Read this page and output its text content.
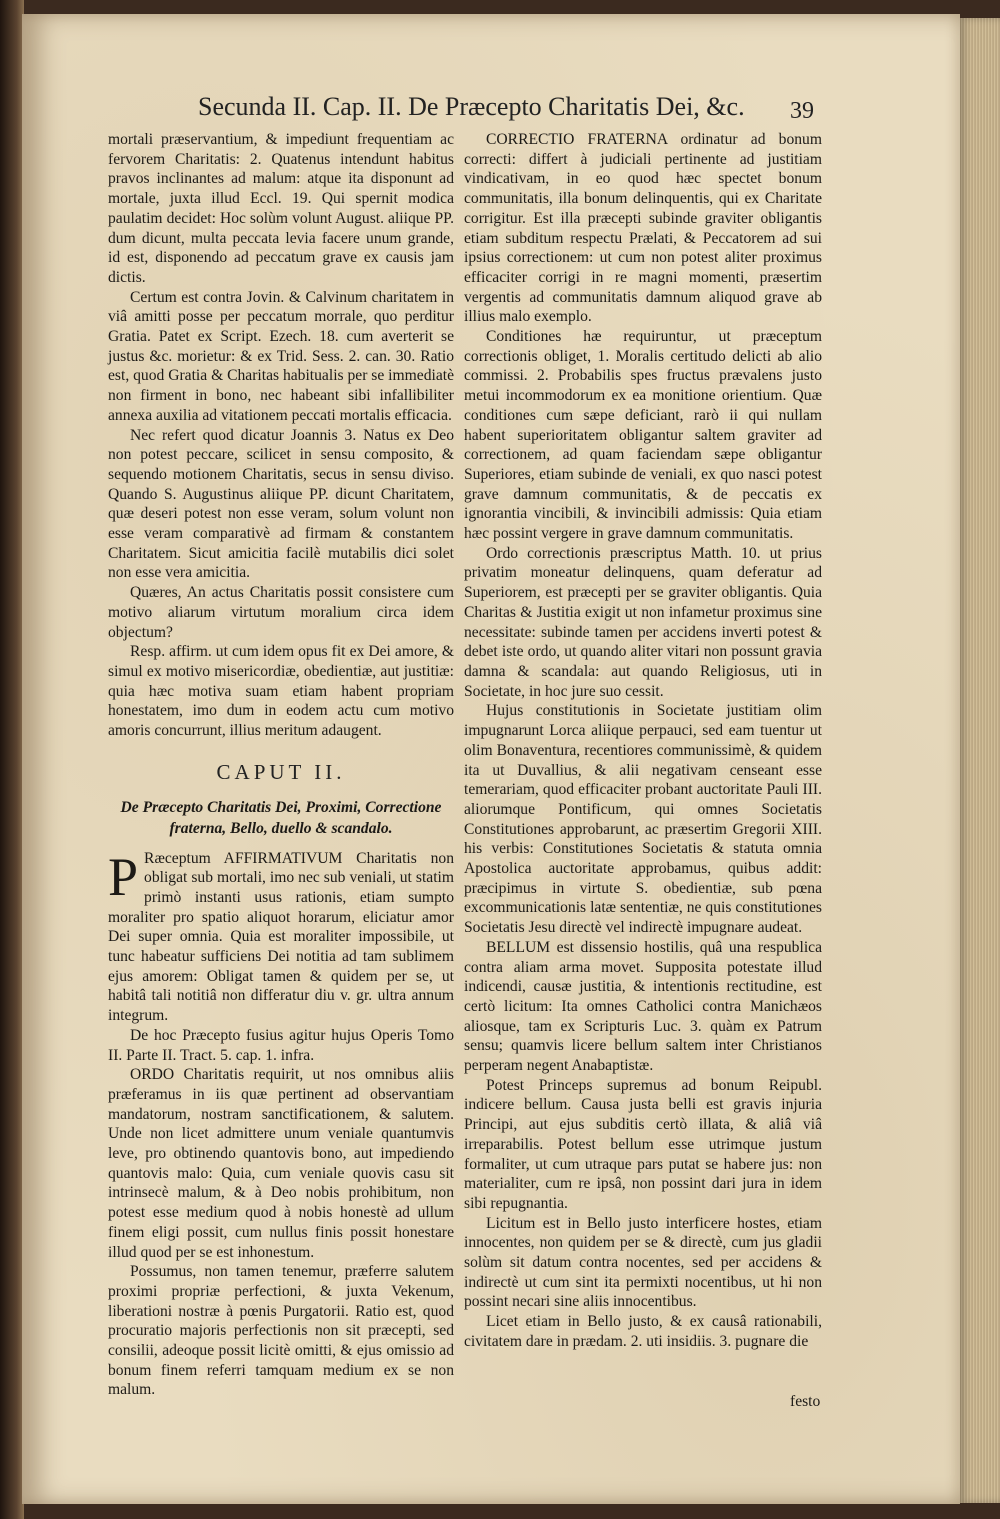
Secunda II. Cap. II. De Præcepto Charitatis Dei, &c.	39

mortali præservantium, & impediunt frequentiam ac fervorem Charitatis: 2. Quatenus intendunt habitus pravos inclinantes ad malum: atque ita disponunt ad mortale, juxta illud Eccl. 19. Qui spernit modica paulatim decidet: Hoc solùm volunt August. aliique PP. dum dicunt, multa peccata levia facere unum grande, id est, disponendo ad peccatum grave ex causis jam dictis.

Certum est contra Jovin. & Calvinum charitatem in viâ amitti posse per peccatum morrale, quo perditur Gratia. Patet ex Script. Ezech. 18. cum averterit se justus &c. morietur: & ex Trid. Sess. 2. can. 30. Ratio est, quod Gratia & Charitas habitualis per se immediatè non firment in bono, nec habeant sibi infallibiliter annexa auxilia ad vitationem peccati mortalis efficacia.

Nec refert quod dicatur Joannis 3. Natus ex Deo non potest peccare, scilicet in sensu composito, & sequendo motionem Charitatis, secus in sensu diviso. Quando S. Augustinus aliique PP. dicunt Charitatem, quæ deseri potest non esse veram, solum volunt non esse veram comparativè ad firmam & constantem Charitatem. Sicut amicitia facilè mutabilis dici solet non esse vera amicitia.

Quæres, An actus Charitatis possit consistere cum motivo aliarum virtutum moralium circa idem objectum?

Resp. affirm. ut cum idem opus fit ex Dei amore, & simul ex motivo misericordiæ, obedientiæ, aut justitiæ: quia hæc motiva suam etiam habent propriam honestatem, imo dum in eodem actu cum motivo amoris concurrunt, illius meritum adaugent.

CAPUT II.
De Præcepto Charitatis Dei, Proximi, Correctione fraterna, Bello, duello & scandalo.

P Ræceptum AFFIRMATIVUM Charitatis non obligat sub mortali, imo nec sub veniali, ut statim primò instanti usus rationis, etiam sumpto moraliter pro spatio aliquot horarum, eliciatur amor Dei super omnia. Quia est moraliter impossibile, ut tunc habeatur sufficiens Dei notitia ad tam sublimem ejus amorem: Obligat tamen & quidem per se, ut habitâ tali notitiâ non differatur diu v. gr. ultra annum integrum.

De hoc Præcepto fusius agitur hujus Operis Tomo II. Parte II. Tract. 5. cap. 1. infra.

ORDO Charitatis requirit, ut nos omnibus aliis præferamus in iis quæ pertinent ad observantiam mandatorum, nostram sanctificationem, & salutem. Unde non licet admittere unum veniale quantumvis leve, pro obtinendo quantovis bono, aut impediendo quantovis malo: Quia, cum veniale quovis casu sit intrinsecè malum, & à Deo nobis prohibitum, non potest esse medium quod à nobis honestè ad ullum finem eligi possit, cum nullus finis possit honestare illud quod per se est inhonestum.

Possumus, non tamen tenemur, præferre salutem proximi propriæ perfectioni, & juxta Vekenum, liberationi nostræ à pœnis Purgatorii. Ratio est, quod procuratio majoris perfectionis non sit præcepti, sed consilii, adeoque possit licitè omitti, & ejus omissio ad bonum finem referri tamquam medium ex se non malum.

CORRECTIO FRATERNA ordinatur ad bonum correcti: differt à judiciali pertinente ad justitiam vindicativam, in eo quod hæc spectet bonum communitatis, illa bonum delinquentis, qui ex Charitate corrigitur. Est illa præcepti subinde graviter obligantis etiam subditum respectu Prælati, & Peccatorem ad sui ipsius correctionem: ut cum non potest aliter proximus efficaciter corrigi in re magni momenti, præsertim vergentis ad communitatis damnum aliquod grave ab illius malo exemplo.

Conditiones hæ requiruntur, ut præceptum correctionis obliget, 1. Moralis certitudo delicti ab alio commissi. 2. Probabilis spes fructus prævalens justo metui incommodorum ex ea monitione orientium. Quæ conditiones cum sæpe deficiant, rarò ii qui nullam habent superioritatem obligantur saltem graviter ad correctionem, ad quam faciendam sæpe obligantur Superiores, etiam subinde de veniali, ex quo nasci potest grave damnum communitatis, & de peccatis ex ignorantia vincibili, & invincibili admissis: Quia etiam hæc possint vergere in grave damnum communitatis.

Ordo correctionis præscriptus Matth. 10. ut prius privatim moneatur delinquens, quam deferatur ad Superiorem, est præcepti per se graviter obligantis. Quia Charitas & Justitia exigit ut non infametur proximus sine necessitate: subinde tamen per accidens inverti potest & debet iste ordo, ut quando aliter vitari non possunt gravia damna & scandala: aut quando Religiosus, uti in Societate, in hoc jure suo cessit.

Hujus constitutionis in Societate justitiam olim impugnarunt Lorca aliique perpauci, sed eam tuentur ut olim Bonaventura, recentiores communissimè, & quidem ita ut Duvallius, & alii negativam censeant esse temerariam, quod efficaciter probant auctoritate Pauli III. aliorumque Pontificum, qui omnes Societatis Constitutiones approbarunt, ac præsertim Gregorii XIII. his verbis: Constitutiones Societatis & statuta omnia Apostolica auctoritate approbamus, quibus addit: præcipimus in virtute S. obedientiæ, sub pœna excommunicationis latæ sententiæ, ne quis constitutiones Societatis Jesu directè vel indirectè impugnare audeat.

BELLUM est dissensio hostilis, quâ una respublica contra aliam arma movet. Supposita potestate illud indicendi, causæ justitia, & intentionis rectitudine, est certò licitum: Ita omnes Catholici contra Manichæos aliosque, tam ex Scripturis Luc. 3. quàm ex Patrum sensu; quamvis licere bellum saltem inter Christianos perperam negent Anabaptistæ.

Potest Princeps supremus ad bonum Reipubl. indicere bellum. Causa justa belli est gravis injuria Principi, aut ejus subditis certò illata, & aliâ viâ irreparabilis. Potest bellum esse utrimque justum formaliter, ut cum utraque pars putat se habere jus: non materialiter, cum re ipsâ, non possint dari jura in idem sibi repugnantia.

Licitum est in Bello justo interficere hostes, etiam innocentes, non quidem per se & directè, cum jus gladii solùm sit datum contra nocentes, sed per accidens & indirectè ut cum sint ita permixti nocentibus, ut hi non possint necari sine aliis innocentibus.

Licet etiam in Bello justo, & ex causâ rationabili, civitatem dare in prædam. 2. uti insidiis. 3. pugnare die

festo
